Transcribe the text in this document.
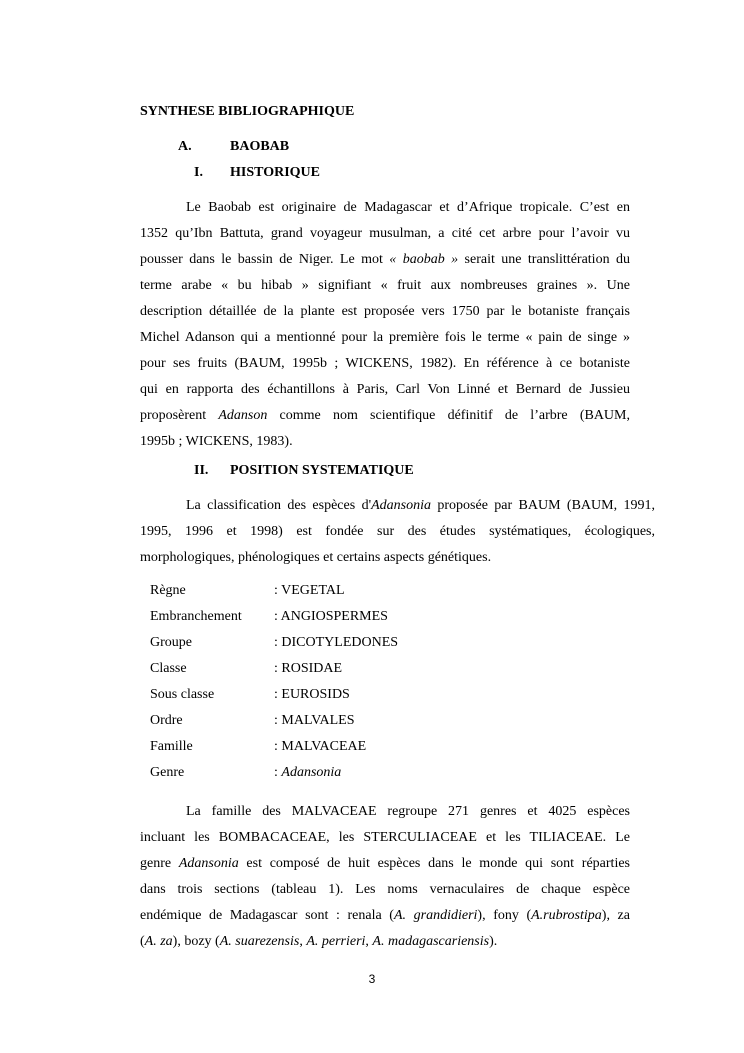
SYNTHESE BIBLIOGRAPHIQUE
A.	BAOBAB
I. HISTORIQUE
Le Baobab est originaire de Madagascar et d’Afrique tropicale. C’est en
1352 qu’Ibn Battuta, grand voyageur musulman, a cité cet arbre pour l’avoir vu
pousser dans le bassin de Niger. Le mot « baobab » serait une translittération du
terme arabe « bu hibab » signifiant « fruit aux nombreuses graines ». Une
description détaillée de la plante est proposée vers 1750 par le botaniste français
Michel Adanson qui a mentionné pour la première fois le terme « pain de singe »
pour ses fruits (BAUM, 1995b ; WICKENS, 1982). En référence à ce botaniste
qui en rapporta des échantillons à Paris, Carl Von Linné et Bernard de Jussieu
proposèrent Adanson comme nom scientifique définitif de l’arbre (BAUM,
1995b ; WICKENS, 1983).
II. POSITION SYSTEMATIQUE
La classification des espèces d'Adansonia proposée par BAUM (BAUM, 1991,
1995, 1996 et 1998) est fondée sur des études systématiques, écologiques,
morphologiques, phénologiques et certains aspects génétiques.
Règne	: VEGETAL
Embranchement : ANGIOSPERMES
Groupe	: DICOTYLEDONES
Classe	: ROSIDAE
Sous classe	: EUROSIDS
Ordre	: MALVALES
Famille	: MALVACEAE
Genre	: Adansonia
La famille des MALVACEAE regroupe 271 genres et 4025 espèces
incluant les BOMBACACEAE, les STERCULIACEAE et les TILIACEAE. Le
genre Adansonia est composé de huit espèces dans le monde qui sont réparties
dans trois sections (tableau 1). Les noms vernaculaires de chaque espèce
endémique de Madagascar sont : renala (A. grandidieri), fony (A.rubrostipa), za
(A. za), bozy (A. suarezensis, A. perrieri, A. madagascariensis).
3
